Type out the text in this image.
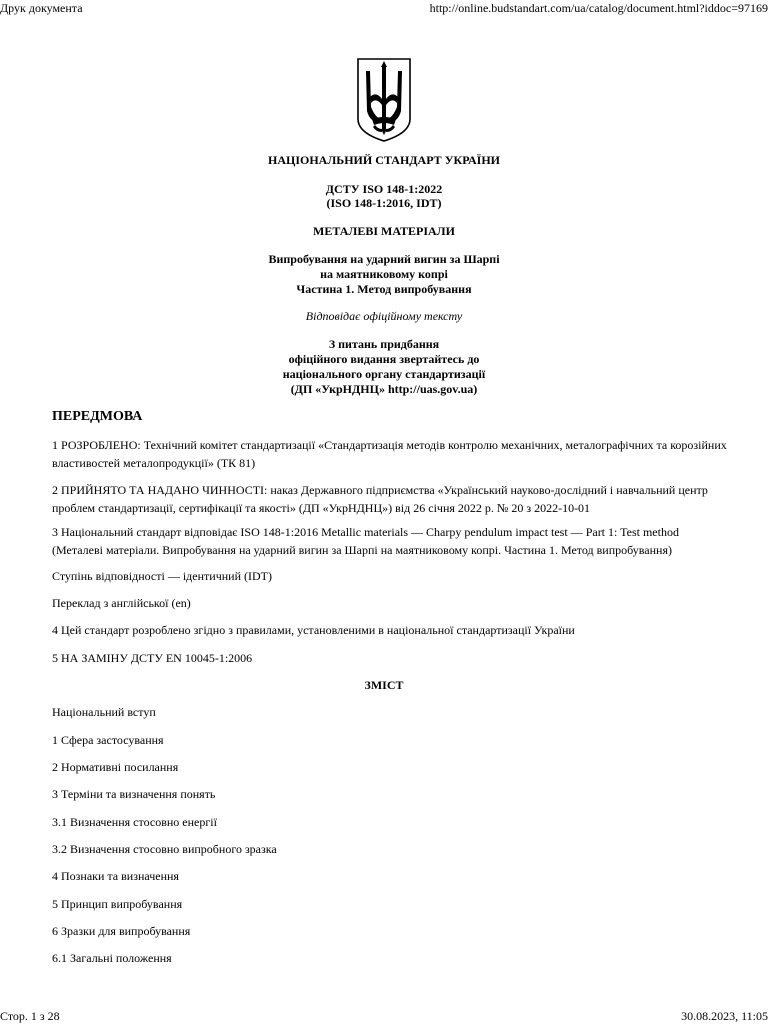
Друк документа	http://online.budstandart.com/ua/catalog/document.html?iddoc=97169
НАЦІОНАЛЬНИЙ СТАНДАРТ УКРАЇНИ
ДСТУ ISO 148-1:2022
(ISO 148-1:2016, IDT)
МЕТАЛЕВІ МАТЕРІАЛИ
Випробування на ударний вигин за Шарпі
на маятниковому копрі
Частина 1. Метод випробування
Відповідає офіційному тексту
З питань придбання
офіційного видання звертайтесь до
національного органу стандартизації
(ДП «УкрНДНЦ» http://uas.gov.ua)
ПЕРЕДМОВА
1 РОЗРОБЛЕНО: Технічний комітет стандартизації «Стандартизація методів контролю механічних, металографічних та корозійних властивостей металопродукції» (ТК 81)
2 ПРИЙНЯТО ТА НАДАНО ЧИННОСТІ: наказ Державного підприємства «Український науково-дослідний і навчальний центр проблем стандартизації, сертифікації та якості» (ДП «УкрНДНЦ») від 26 січня 2022 р. № 20 з 2022-10-01
3 Національний стандарт відповідає ISO 148-1:2016 Metallic materials — Charpy pendulum impact test — Part 1: Test method (Металеві матеріали. Випробування на ударний вигин за Шарпі на маятниковому копрі. Частина 1. Метод випробування)
Ступінь відповідності — ідентичний (IDT)
Переклад з англійської (en)
4 Цей стандарт розроблено згідно з правилами, установленими в національної стандартизації України
5 НА ЗАМІНУ ДСТУ EN 10045-1:2006
ЗМІСТ
Національний вступ
1 Сфера застосування
2 Нормативні посилання
3 Терміни та визначення понять
3.1 Визначення стосовно енергії
3.2 Визначення стосовно випробного зразка
4 Познаки та визначення
5 Принцип випробування
6 Зразки для випробування
6.1 Загальні положення
Стор. 1 з 28	30.08.2023, 11:05
